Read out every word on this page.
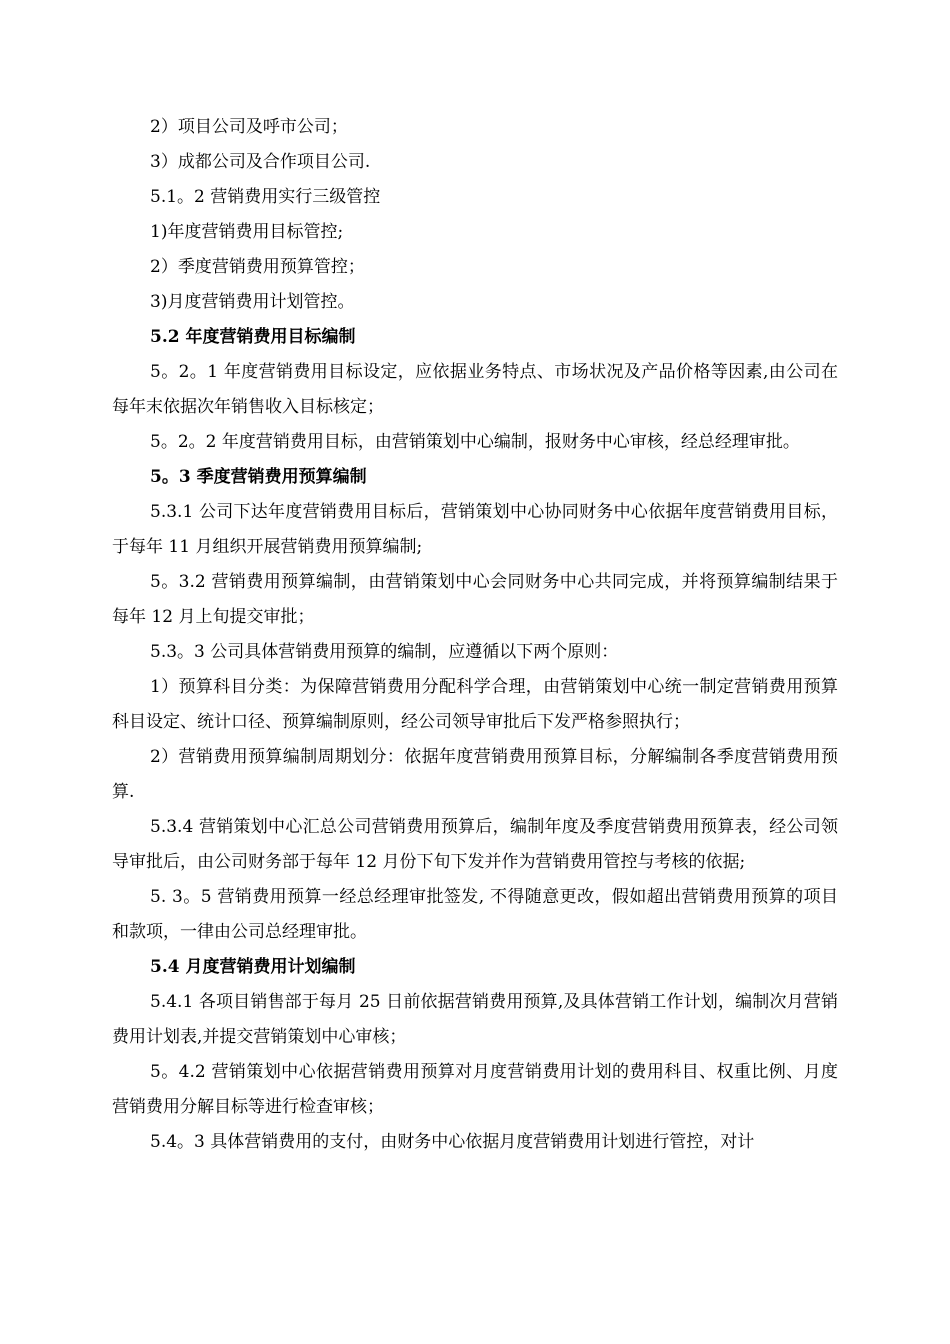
2）项目公司及呼市公司；

3）成都公司及合作项目公司.

5.1。2 营销费用实行三级管控

1)年度营销费用目标管控;

2）季度营销费用预算管控；

3)月度营销费用计划管控。

5.2 年度营销费用目标编制

5。2。1 年度营销费用目标设定，应依据业务特点、市场状况及产品价格等因素,由公司在每年末依据次年销售收入目标核定；

5。2。2 年度营销费用目标，由营销策划中心编制，报财务中心审核，经总经理审批。

5。3 季度营销费用预算编制

5.3.1 公司下达年度营销费用目标后，营销策划中心协同财务中心依据年度营销费用目标，于每年 11 月组织开展营销费用预算编制;

5。3.2 营销费用预算编制，由营销策划中心会同财务中心共同完成，并将预算编制结果于每年 12 月上旬提交审批；

5.3。3 公司具体营销费用预算的编制，应遵循以下两个原则：

1）预算科目分类：为保障营销费用分配科学合理，由营销策划中心统一制定营销费用预算科目设定、统计口径、预算编制原则，经公司领导审批后下发严格参照执行；

2）营销费用预算编制周期划分：依据年度营销费用预算目标，分解编制各季度营销费用预算.

5.3.4 营销策划中心汇总公司营销费用预算后，编制年度及季度营销费用预算表，经公司领导审批后，由公司财务部于每年 12 月份下旬下发并作为营销费用管控与考核的依据;

5. 3。5 营销费用预算一经总经理审批签发, 不得随意更改，假如超出营销费用预算的项目和款项，一律由公司总经理审批。

5.4 月度营销费用计划编制

5.4.1 各项目销售部于每月 25 日前依据营销费用预算,及具体营销工作计划，编制次月营销费用计划表,并提交营销策划中心审核；

5。4.2 营销策划中心依据营销费用预算对月度营销费用计划的费用科目、权重比例、月度营销费用分解目标等进行检查审核；

5.4。3 具体营销费用的支付，由财务中心依据月度营销费用计划进行管控，对计
